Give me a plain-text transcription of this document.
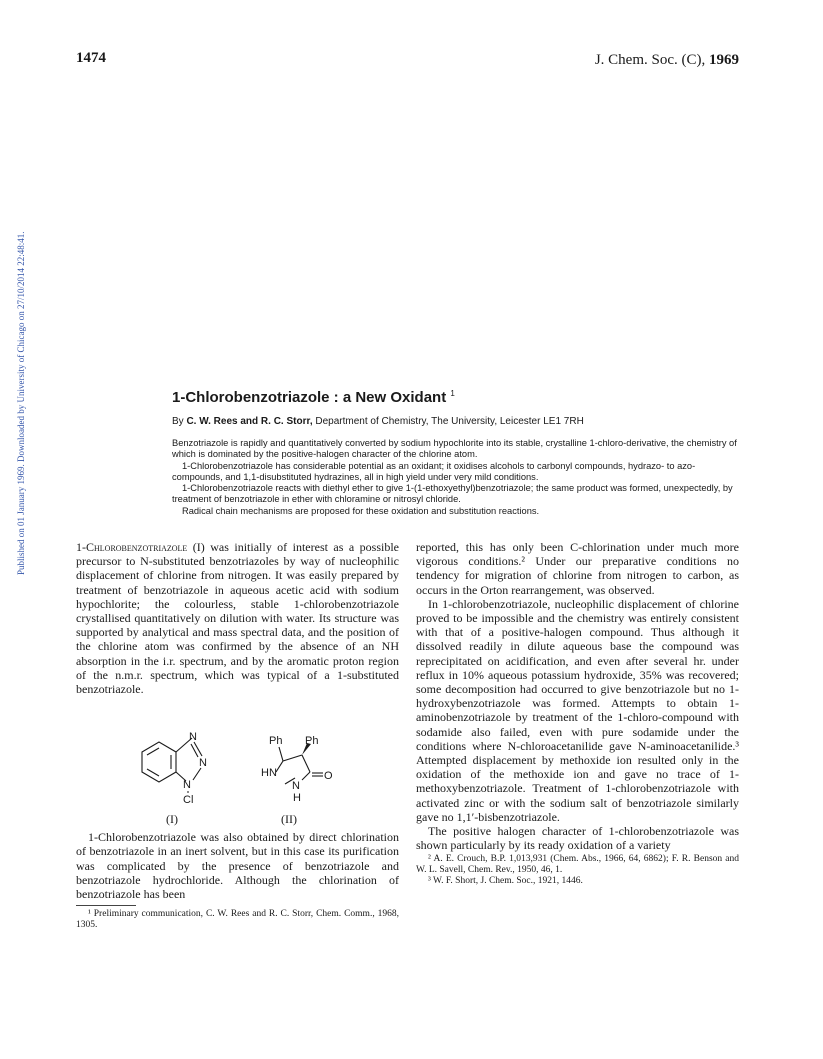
1474	J. Chem. Soc. (C), 1969
Published on 01 January 1969. Downloaded by University of Chicago on 27/10/2014 22:48:41.	1-Chlorobenzotriazole : a New Oxidant $^1$
By C. W. Rees and R. C. Storr, Department of Chemistry, The University, Leicester LE1 7RH

Benzotriazole is rapidly and quantitatively converted by sodium hypochlorite into its stable, crystalline 1-chloro-derivative, the chemistry of which is dominated by the positive-halogen character of the chlorine atom.

1-Chlorobenzotriazole has considerable potential as an oxidant; it oxidises alcohols to carbonyl compounds, hydrazo- to azo-compounds, and 1,1-disubstituted hydrazines, all in high yield under very mild conditions.

1-Chlorobenzotriazole reacts with diethyl ether to give 1-(1-ethoxyethyl)benzotriazole; the same product was formed, unexpectedly, by treatment of benzotriazole in ether with chloramine or nitrosyl chloride.

Radical chain mechanisms are proposed for these oxidation and substitution reactions.

1-Chlorobenzotriazole (I) was initially of interest as a possible precursor to N-substituted benzotriazoles by way of nucleophilic displacement of chlorine from nitrogen. It was easily prepared by treatment of benzotriazole in aqueous acetic acid with sodium hypochlorite; the colourless, stable 1-chlorobenzotriazole crystallised quantitatively on dilution with water. Its structure was supported by analytical and mass spectral data, and the position of the chlorine atom was confirmed by the absence of an NH absorption in the i.r. spectrum, and by the aromatic proton region of the n.m.r. spectrum, which was typical of a 1-substituted benzotriazole.

N
N
N
Cl
HN
N
H
O
Ph Ph
(I)	(II)

1-Chlorobenzotriazole was also obtained by direct chlorination of benzotriazole in an inert solvent, but in this case its purification was complicated by the presence of benzotriazole and benzotriazole hydrochloride. Although the chlorination of benzotriazole has been

¹ Preliminary communication, C. W. Rees and R. C. Storr, Chem. Comm., 1968, 1305.

reported, this has only been C-chlorination under much more vigorous conditions.² Under our preparative conditions no tendency for migration of chlorine from nitrogen to carbon, as occurs in the Orton rearrangement, was observed.

In 1-chlorobenzotriazole, nucleophilic displacement of chlorine proved to be impossible and the chemistry was entirely consistent with that of a positive-halogen compound. Thus although it dissolved readily in dilute aqueous base the compound was reprecipitated on acidification, and even after several hr. under reflux in 10% aqueous potassium hydroxide, 35% was recovered; some decomposition had occurred to give benzotriazole but no 1-hydroxybenzotriazole was formed. Attempts to obtain 1-aminobenzotriazole by treatment of the 1-chloro-compound with sodamide also failed, even with pure sodamide under the conditions where N-chloroacetanilide gave N-aminoacetanilide.³ Attempted displacement by methoxide ion resulted only in the oxidation of the methoxide ion and gave no trace of 1-methoxybenzotriazole. Treatment of 1-chlorobenzotriazole with activated zinc or with the sodium salt of benzotriazole similarly gave no 1,1′-bisbenzotriazole.

The positive halogen character of 1-chlorobenzotriazole was shown particularly by its ready oxidation of a variety

² A. E. Crouch, B.P. 1,013,931 (Chem. Abs., 1966, 64, 6862); F. R. Benson and W. L. Savell, Chem. Rev., 1950, 46, 1.

³ W. F. Short, J. Chem. Soc., 1921, 1446.
